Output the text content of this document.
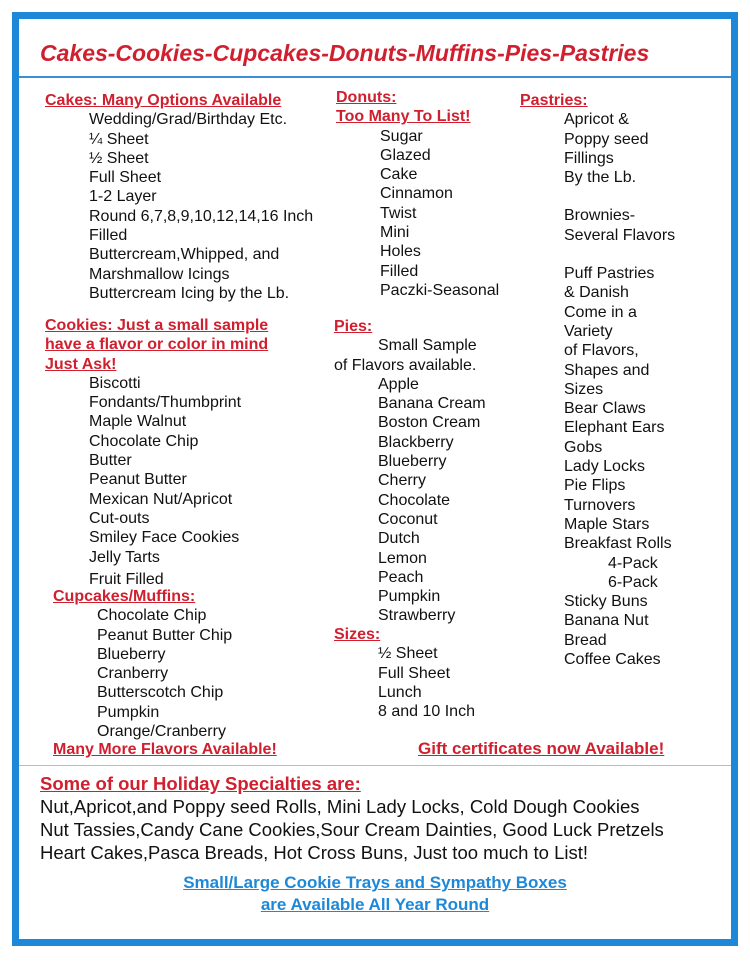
Cakes-Cookies-Cupcakes-Donuts-Muffins-Pies-Pastries
Cakes: Many Options Available
Wedding/Grad/Birthday Etc.
¼ Sheet
½ Sheet
Full Sheet
1-2 Layer
Round 6,7,8,9,10,12,14,16 Inch
Filled
Buttercream,Whipped, and
Marshmallow Icings
Buttercream Icing by the Lb.
Cookies: Just a small sample
have a flavor or color in mind
Just Ask!
Biscotti
Fondants/Thumbprint
Maple Walnut
Chocolate Chip
Butter
Peanut Butter
Mexican Nut/Apricot
Cut-outs
Smiley Face Cookies
Jelly Tarts
Fruit Filled
Cupcakes/Muffins:
Chocolate Chip
Peanut Butter Chip
Blueberry
Cranberry
Butterscotch Chip
Pumpkin
Orange/Cranberry
Many More Flavors Available!
Donuts:
Too Many To List!
Sugar
Glazed
Cake
Cinnamon
Twist
Mini
Holes
Filled
Paczki-Seasonal
Pies:
Small Sample
of Flavors available.
Apple
Banana Cream
Boston Cream
Blackberry
Blueberry
Cherry
Chocolate
Coconut
Dutch
Lemon
Peach
Pumpkin
Strawberry
Sizes:
½ Sheet
Full Sheet
Lunch
8 and 10 Inch
Pastries:
Apricot &
Poppy seed
Fillings
By the Lb.
Brownies-
Several Flavors
Puff Pastries
& Danish
Come in a
Variety
of Flavors,
Shapes and
Sizes
Bear Claws
Elephant Ears
Gobs
Lady Locks
Pie Flips
Turnovers
Maple Stars
Breakfast Rolls
4-Pack
6-Pack
Sticky Buns
Banana Nut
Bread
Coffee Cakes
Gift certificates now Available!
Some of our Holiday Specialties are:
Nut,Apricot,and Poppy seed Rolls, Mini Lady Locks, Cold Dough Cookies
Nut Tassies,Candy Cane Cookies,Sour Cream Dainties, Good Luck Pretzels
Heart Cakes,Pasca Breads, Hot Cross Buns, Just too much to List!
Small/Large Cookie Trays and Sympathy Boxes
are Available All Year Round
